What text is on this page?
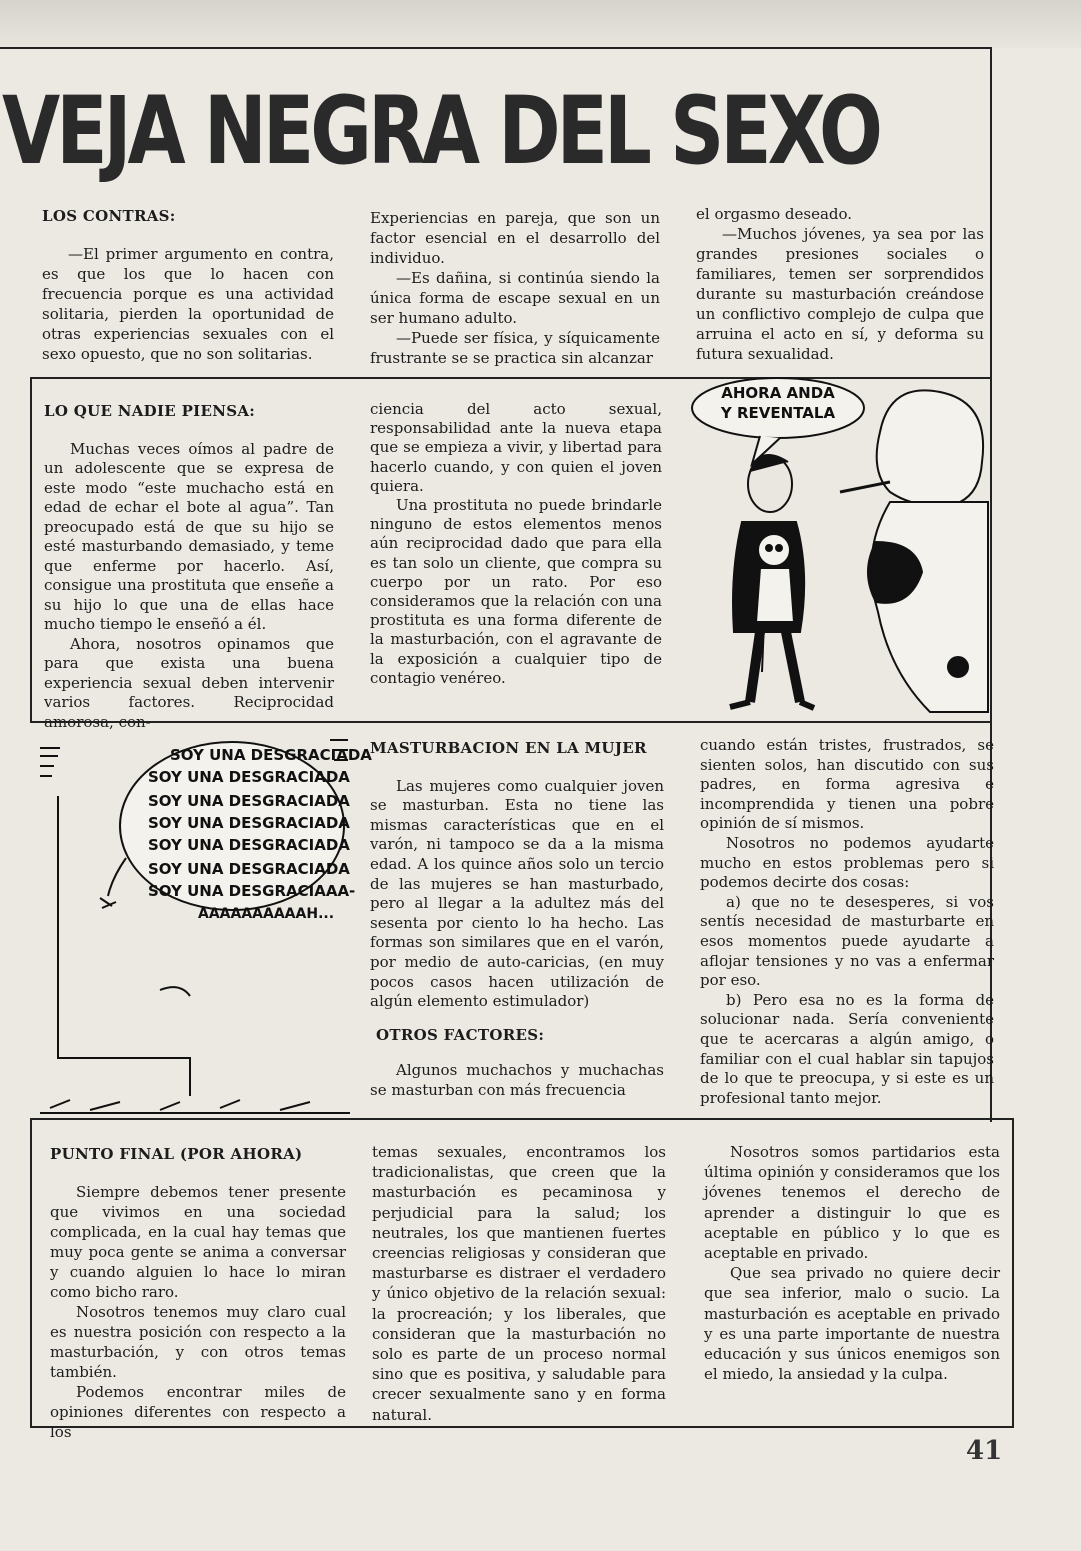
VEJA NEGRA DEL SEXO
LOS CONTRAS:

—El primer argumento en contra, es que los que lo hacen con frecuencia porque es una actividad solitaria, pierden la oportunidad de otras experiencias sexuales con el sexo opuesto, que no son solitarias.

Experiencias en pareja, que son un factor esencial en el desarrollo del individuo.

—Es dañina, si continúa siendo la única forma de escape sexual en un ser humano adulto.

—Puede ser física, y síquicamente frustrante se se practica sin alcanzar

el orgasmo deseado.

—Muchos jóvenes, ya sea por las grandes presiones sociales o familiares, temen ser sorprendidos durante su masturbación creándose un conflictivo complejo de culpa que arruina el acto en sí, y deforma su futura sexualidad.

LO QUE NADIE PIENSA:

Muchas veces oímos al padre de un adolescente que se expresa de este modo “este muchacho está en edad de echar el bote al agua”. Tan preocupado está de que su hijo se esté masturbando demasiado, y teme que enferme por hacerlo. Así, consigue una prostituta que enseñe a su hijo lo que una de ellas hace mucho tiempo le enseñó a él.

Ahora, nosotros opinamos que para que exista una buena experiencia sexual deben intervenir varios factores. Reciprocidad amorosa, con-

ciencia del acto sexual, responsabilidad ante la nueva etapa que se empieza a vivir, y libertad para hacerlo cuando, y con quien el joven quiera.

Una prostituta no puede brindarle ninguno de estos elementos menos aún reciprocidad dado que para ella es tan solo un cliente, que compra su cuerpo por un rato. Por eso consideramos que la relación con una prostituta es una forma diferente de la masturbación, con el agravante de la exposición a cualquier tipo de contagio venéreo.

AHORA ANDA
Y REVENTALA
SOY UNA DESGRACIADA
SOY UNA DESGRACIADA
SOY UNA DESGRACIADA
SOY UNA DESGRACIADA
SOY UNA DESGRACIADA
SOY UNA DESGRACIADA
SOY UNA DESGRACIAAA-
AAAAAAAAAAH...
MASTURBACION EN LA MUJER

Las mujeres como cualquier joven se masturban. Esta no tiene las mismas características que en el varón, ni tampoco se da a la misma edad. A los quince años solo un tercio de las mujeres se han masturbado, pero al llegar a la adultez más del sesenta por ciento lo ha hecho. Las formas son similares que en el varón, por medio de auto-caricias, (en muy pocos casos hacen utilización de algún elemento estimulador)

OTROS FACTORES:

Algunos muchachos y muchachas se masturban con más frecuencia

cuando están tristes, frustrados, se sienten solos, han discutido con sus padres, en forma agresiva e incomprendida y tienen una pobre opinión de sí mismos.

Nosotros no podemos ayudarte mucho en estos problemas pero si podemos decirte dos cosas:

a) que no te desesperes, si vos sentís necesidad de masturbarte en esos momentos puede ayudarte a aflojar tensiones y no vas a enfermar por eso.

b) Pero esa no es la forma de solucionar nada. Sería conveniente que te acercaras a algún amigo, o familiar con el cual hablar sin tapujos de lo que te preocupa, y si este es un profesional tanto mejor.

PUNTO FINAL (POR AHORA)

Siempre debemos tener presente que vivimos en una sociedad complicada, en la cual hay temas que muy poca gente se anima a conversar y cuando alguien lo hace lo miran como bicho raro.

Nosotros tenemos muy claro cual es nuestra posición con respecto a la masturbación, y con otros temas también.

Podemos encontrar miles de opiniones diferentes con respecto a los

temas sexuales, encontramos los tradicionalistas, que creen que la masturbación es pecaminosa y perjudicial para la salud; los neutrales, los que mantienen fuertes creencias religiosas y consideran que masturbarse es distraer el verdadero y único objetivo de la relación sexual: la procreación; y los liberales, que consideran que la masturbación no solo es parte de un proceso normal sino que es positiva, y saludable para crecer sexualmente sano y en forma natural.

Nosotros somos partidarios esta última opinión y consideramos que los jóvenes tenemos el derecho de aprender a distinguir lo que es aceptable en público y lo que es aceptable en privado.

Que sea privado no quiere decir que sea inferior, malo o sucio. La masturbación es aceptable en privado y es una parte importante de nuestra educación y sus únicos enemigos son el miedo, la ansiedad y la culpa.

41
